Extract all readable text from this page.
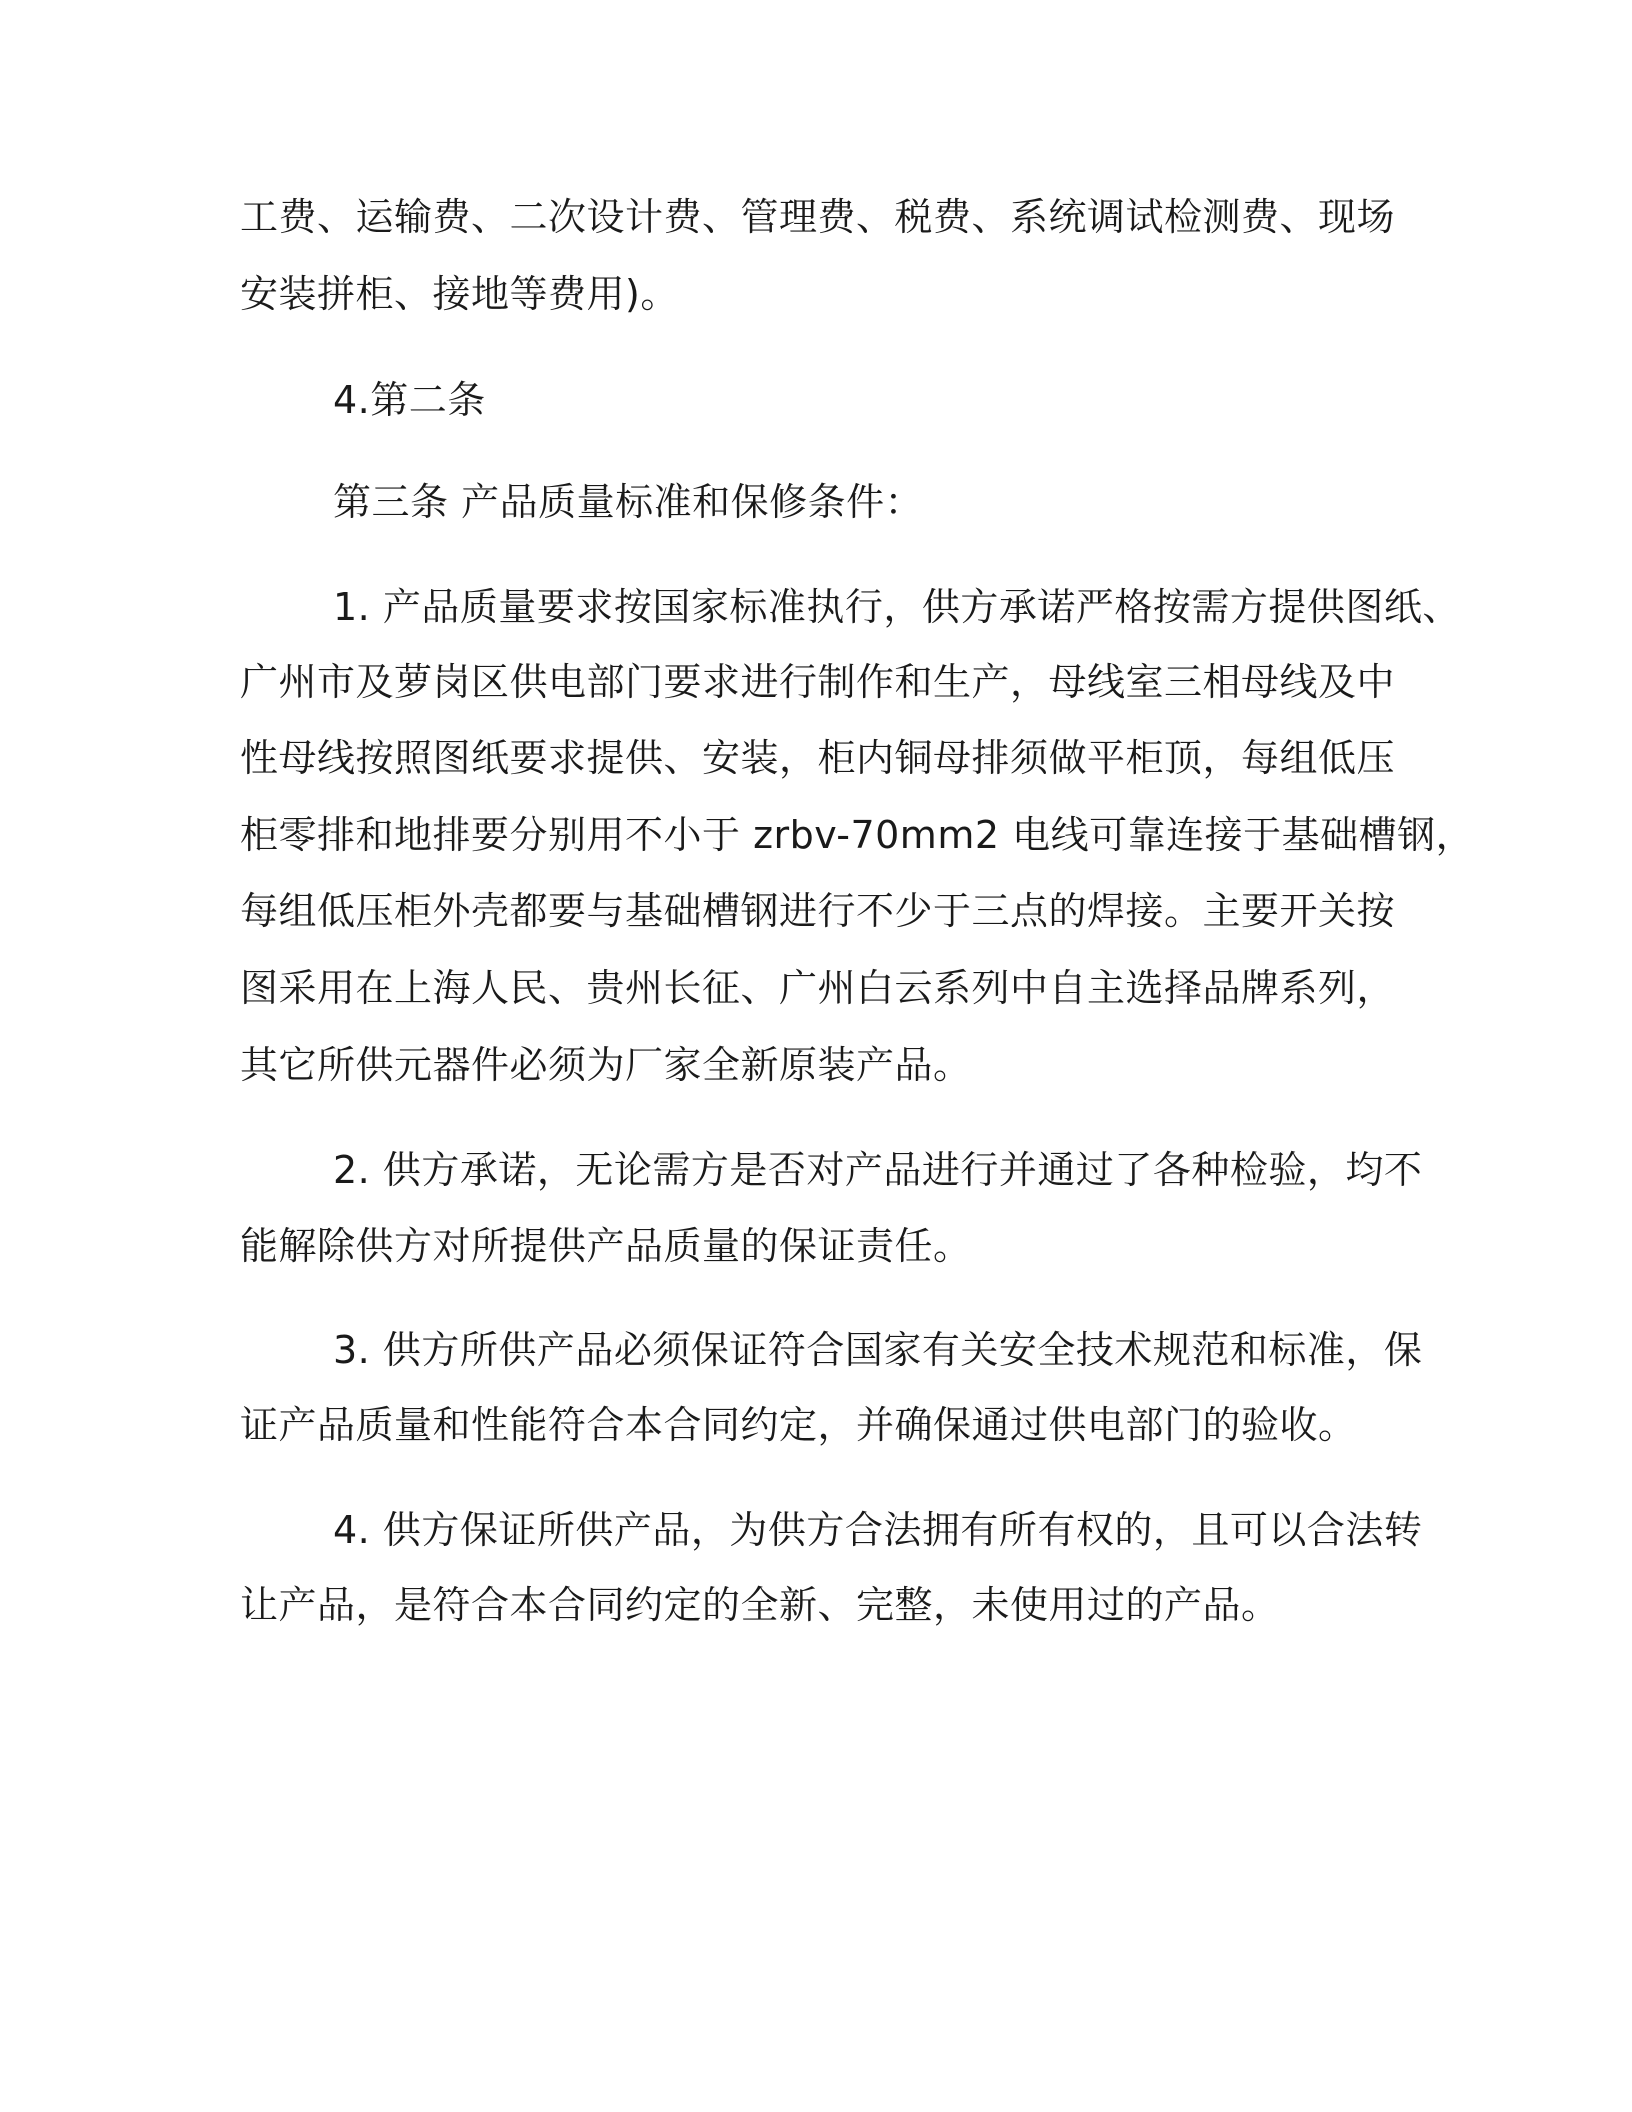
工费、运输费、二次设计费、管理费、税费、系统调试检测费、现场
安装拼柜、接地等费用)。
4.第二条
第三条 产品质量标准和保修条件：
1. 产品质量要求按国家标准执行，供方承诺严格按需方提供图纸、
广州市及萝岗区供电部门要求进行制作和生产，母线室三相母线及中
性母线按照图纸要求提供、安装，柜内铜母排须做平柜顶，每组低压
柜零排和地排要分别用不小于 zrbv-70mm2 电线可靠连接于基础槽钢，
每组低压柜外壳都要与基础槽钢进行不少于三点的焊接。主要开关按
图采用在上海人民、贵州长征、广州白云系列中自主选择品牌系列，
其它所供元器件必须为厂家全新原装产品。
2. 供方承诺，无论需方是否对产品进行并通过了各种检验，均不
能解除供方对所提供产品质量的保证责任。
3. 供方所供产品必须保证符合国家有关安全技术规范和标准，保
证产品质量和性能符合本合同约定，并确保通过供电部门的验收。
4. 供方保证所供产品，为供方合法拥有所有权的，且可以合法转
让产品，是符合本合同约定的全新、完整，未使用过的产品。
